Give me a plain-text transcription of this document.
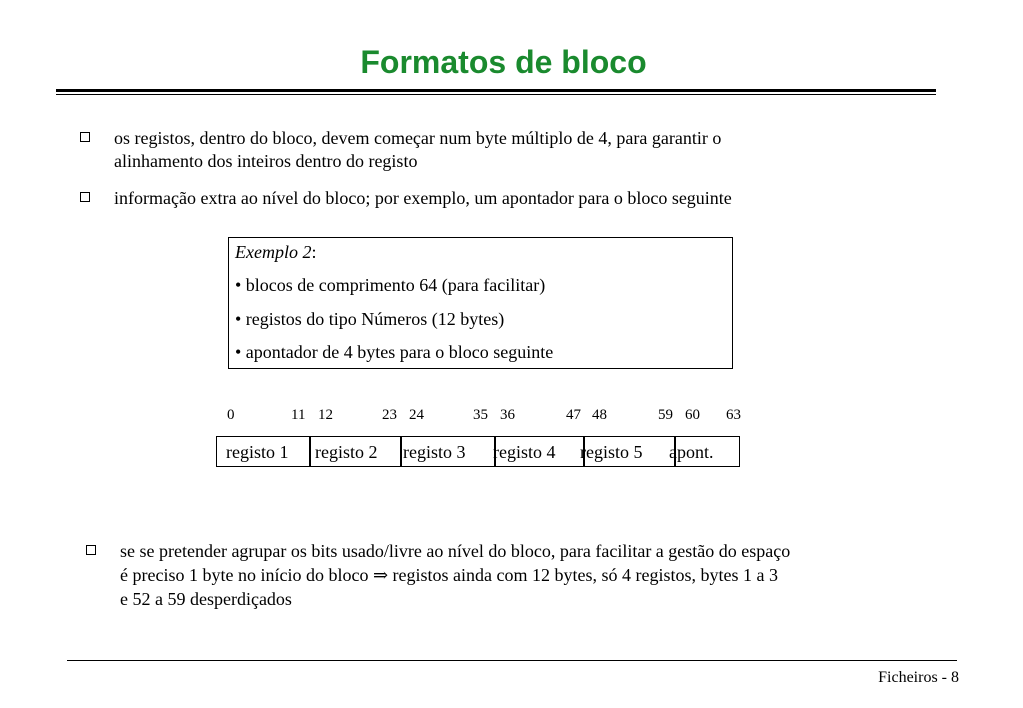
Formatos de bloco
os registos, dentro do bloco, devem começar num byte múltiplo de 4, para garantir o
alinhamento dos inteiros dentro do registo
informação extra ao nível do bloco; por exemplo, um apontador para o bloco seguinte
Exemplo 2:
• blocos de comprimento 64 (para facilitar)
• registos do tipo Números (12 bytes)
• apontador de 4 bytes para o bloco seguinte
0	11 12	23 24	35 36	47 48	59 60 63
registo 1 registo 2 registo 3 registo 4 registo 5 apont.
se se pretender agrupar os bits usado/livre ao nível do bloco, para facilitar a gestão do espaço
é preciso 1 byte no início do bloco ⇒ registos ainda com 12 bytes, só 4 registos, bytes 1 a 3
e 52 a 59 desperdiçados
Ficheiros - 8
